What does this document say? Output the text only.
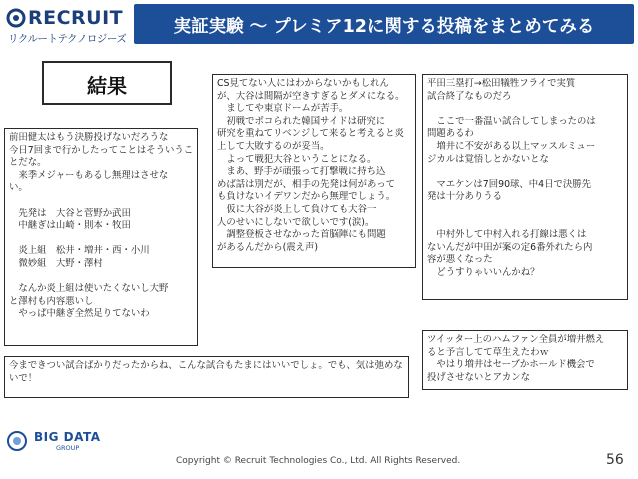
RECRUIT
リクルートテクノロジーズ
実証実験 〜 プレミア12に関する投稿をまとめてみる
結果
前田健太はもう決勝投げないだろうな
今日7回まで行かしたってことはそういうこ
とだな。
　来季メジャーもあるし無理はさせな
い。
　先発は　大谷と菅野か武田
　中継ぎは山崎・則本・牧田
　炎上組　松井・増井・西・小川
　微妙組　大野・澤村
　なんか炎上組は使いたくないし大野
と澤村も内容悪いし
　やっぱ中継ぎ全然足りてないわ
今まできつい試合ばかりだったからね、こんな試合もたまにはいいでしょ。でも、気は弛めな
いで！
CS見てない人にはわからないかもしれん
が、大谷は間隔が空きすぎるとダメになる。
　ましてや東京ドームが苦手。
　初戦でボコられた韓国サイドは研究に
研究を重ねてリベンジして来ると考えると炎
上して大敗するのが妥当。
　よって戦犯大谷ということになる。
　まあ、野手が頑張って打撃戦に持ち込
めば話は別だが、相手の先発は何があって
も負けないイデワンだから無理でしょう。
　仮に大谷が炎上して負けても大谷一
人のせいにしないで欲しいです(涙)。
　調整登板させなかった首脳陣にも問題
があるんだから(震え声)
平田三塁打→松田犠牲フライで実質
試合終了なものだろ
　ここで一番温い試合してしまったのは
問題あるわ
　増井に不安がある以上マッスルミュー
ジカルは覚悟しとかないとな
　マエケンは7回90球、中4日で決勝先
発は十分ありうる
　中村外して中村入れる打線は悪くは
ないんだが中田が案の定6番外れたら内
容が悪くなった
　どうすりゃいいんかね？
ツイッター上のハムファン全員が増井燃え
ると予言してて草生えたわｗ
　やはり増井はセーブかホールド機会で
投げさせないとアカンな
BIG DATA
GROUP
Copyright © Recruit Technologies Co., Ltd. All Rights Reserved.	56
